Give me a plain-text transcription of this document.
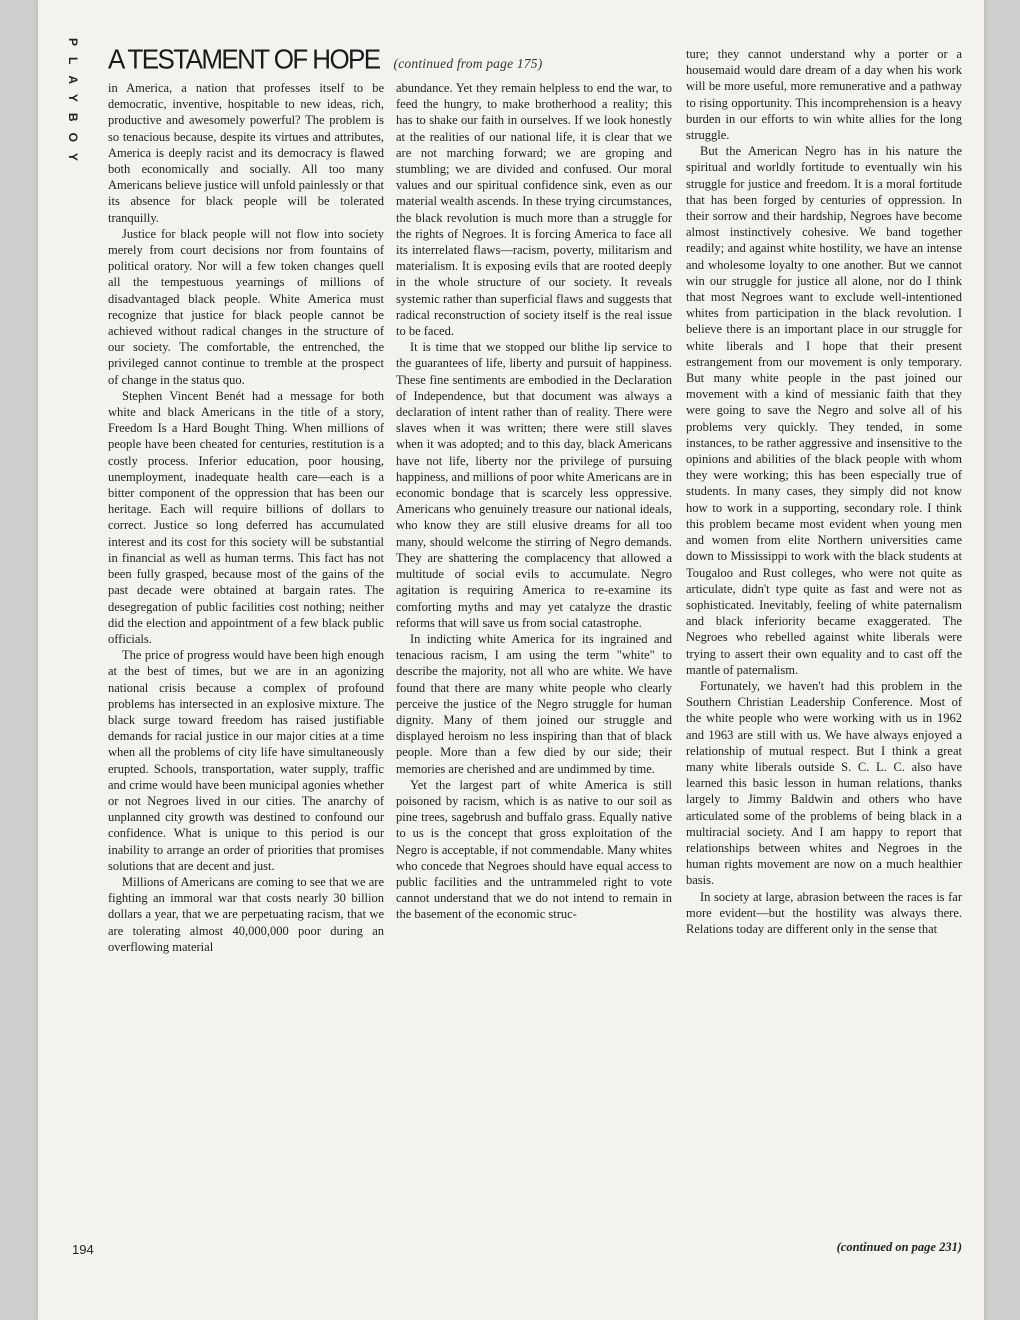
PLAYBOY A TESTAMENT OF HOPE (continued from page 175)

in America, a nation that professes itself to be democratic, inventive, hospitable to new ideas, rich, productive and awesomely powerful? The problem is so tenacious because, despite its virtues and attributes, America is deeply racist and its democracy is flawed both economically and socially. All too many Americans believe justice will unfold painlessly or that its absence for black people will be tolerated tranquilly.

Justice for black people will not flow into society merely from court decisions nor from fountains of political oratory. Nor will a few token changes quell all the tempestuous yearnings of millions of disadvantaged black people. White America must recognize that justice for black people cannot be achieved without radical changes in the structure of our society. The comfortable, the entrenched, the privileged cannot continue to tremble at the prospect of change in the status quo.

Stephen Vincent Benét had a message for both white and black Americans in the title of a story, Freedom Is a Hard Bought Thing. When millions of people have been cheated for centuries, restitution is a costly process. Inferior education, poor housing, unemployment, inadequate health care—each is a bitter component of the oppression that has been our heritage. Each will require billions of dollars to correct. Justice so long deferred has accumulated interest and its cost for this society will be substantial in financial as well as human terms. This fact has not been fully grasped, because most of the gains of the past decade were obtained at bargain rates. The desegregation of public facilities cost nothing; neither did the election and appointment of a few black public officials.

The price of progress would have been high enough at the best of times, but we are in an agonizing national crisis because a complex of profound problems has intersected in an explosive mixture. The black surge toward freedom has raised justifiable demands for racial justice in our major cities at a time when all the problems of city life have simultaneously erupted. Schools, transportation, water supply, traffic and crime would have been municipal agonies whether or not Negroes lived in our cities. The anarchy of unplanned city growth was destined to confound our confidence. What is unique to this period is our inability to arrange an order of priorities that promises solutions that are decent and just.

Millions of Americans are coming to see that we are fighting an immoral war that costs nearly 30 billion dollars a year, that we are perpetuating racism, that we are tolerating almost 40,000,000 poor during an overflowing material

abundance. Yet they remain helpless to end the war, to feed the hungry, to make brotherhood a reality; this has to shake our faith in ourselves. If we look honestly at the realities of our national life, it is clear that we are not marching forward; we are groping and stumbling; we are divided and confused. Our moral values and our spiritual confidence sink, even as our material wealth ascends. In these trying circumstances, the black revolution is much more than a struggle for the rights of Negroes. It is forcing America to face all its interrelated flaws—racism, poverty, militarism and materialism. It is exposing evils that are rooted deeply in the whole structure of our society. It reveals systemic rather than superficial flaws and suggests that radical reconstruction of society itself is the real issue to be faced.

It is time that we stopped our blithe lip service to the guarantees of life, liberty and pursuit of happiness. These fine sentiments are embodied in the Declaration of Independence, but that document was always a declaration of intent rather than of reality. There were slaves when it was written; there were still slaves when it was adopted; and to this day, black Americans have not life, liberty nor the privilege of pursuing happiness, and millions of poor white Americans are in economic bondage that is scarcely less oppressive. Americans who genuinely treasure our national ideals, who know they are still elusive dreams for all too many, should welcome the stirring of Negro demands. They are shattering the complacency that allowed a multitude of social evils to accumulate. Negro agitation is requiring America to re-examine its comforting myths and may yet catalyze the drastic reforms that will save us from social catastrophe.

In indicting white America for its ingrained and tenacious racism, I am using the term "white" to describe the majority, not all who are white. We have found that there are many white people who clearly perceive the justice of the Negro struggle for human dignity. Many of them joined our struggle and displayed heroism no less inspiring than that of black people. More than a few died by our side; their memories are cherished and are undimmed by time.

Yet the largest part of white America is still poisoned by racism, which is as native to our soil as pine trees, sagebrush and buffalo grass. Equally native to us is the concept that gross exploitation of the Negro is acceptable, if not commendable. Many whites who concede that Negroes should have equal access to public facilities and the untrammeled right to vote cannot understand that we do not intend to remain in the basement of the economic struc-

ture; they cannot understand why a porter or a housemaid would dare dream of a day when his work will be more useful, more remunerative and a pathway to rising opportunity. This incomprehension is a heavy burden in our efforts to win white allies for the long struggle.

But the American Negro has in his nature the spiritual and worldly fortitude to eventually win his struggle for justice and freedom. It is a moral fortitude that has been forged by centuries of oppression. In their sorrow and their hardship, Negroes have become almost instinctively cohesive. We band together readily; and against white hostility, we have an intense and wholesome loyalty to one another. But we cannot win our struggle for justice all alone, nor do I think that most Negroes want to exclude well-intentioned whites from participation in the black revolution. I believe there is an important place in our struggle for white liberals and I hope that their present estrangement from our movement is only temporary. But many white people in the past joined our movement with a kind of messianic faith that they were going to save the Negro and solve all of his problems very quickly. They tended, in some instances, to be rather aggressive and insensitive to the opinions and abilities of the black people with whom they were working; this has been especially true of students. In many cases, they simply did not know how to work in a supporting, secondary role. I think this problem became most evident when young men and women from elite Northern universities came down to Mississippi to work with the black students at Tougaloo and Rust colleges, who were not quite as articulate, didn't type quite as fast and were not as sophisticated. Inevitably, feeling of white paternalism and black inferiority became exaggerated. The Negroes who rebelled against white liberals were trying to assert their own equality and to cast off the mantle of paternalism.

Fortunately, we haven't had this problem in the Southern Christian Leadership Conference. Most of the white people who were working with us in 1962 and 1963 are still with us. We have always enjoyed a relationship of mutual respect. But I think a great many white liberals outside S. C. L. C. also have learned this basic lesson in human relations, thanks largely to Jimmy Baldwin and others who have articulated some of the problems of being black in a multiracial society. And I am happy to report that relationships between whites and Negroes in the human rights movement are now on a much healthier basis.

In society at large, abrasion between the races is far more evident—but the hostility was always there. Relations today are different only in the sense that

194	(continued on page 231)
